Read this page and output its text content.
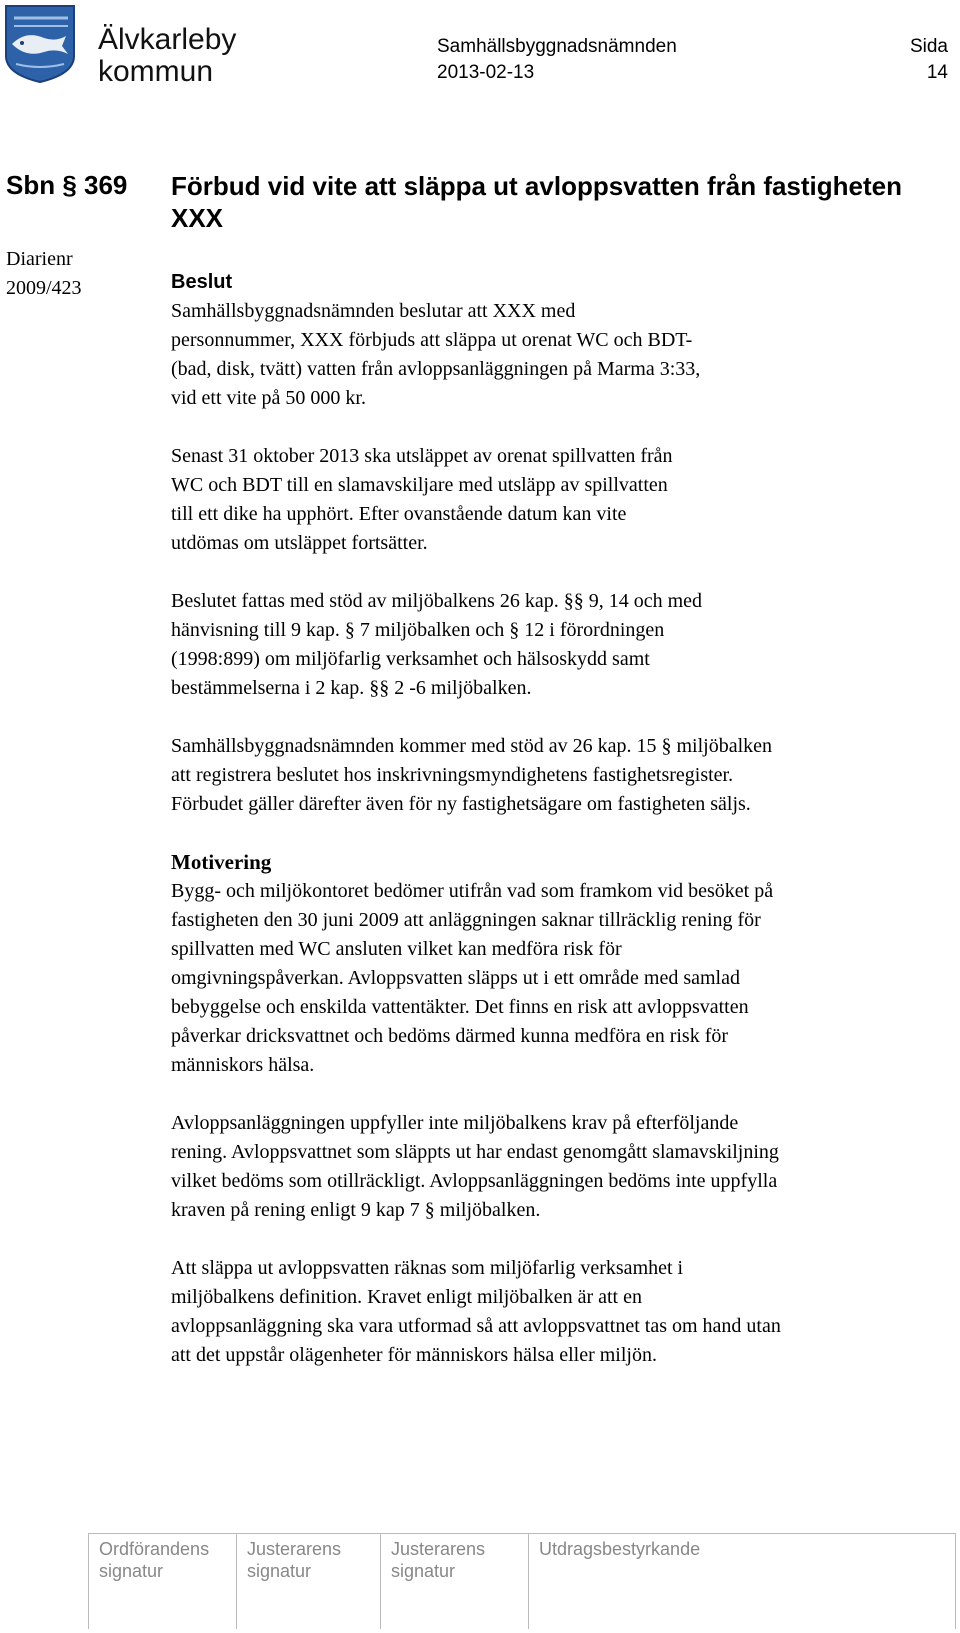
Älvkarleby
kommun
Samhällsbyggnadsnämnden
2013-02-13
Sida
14
Sbn § 369
Diarienr
2009/423
Förbud vid vite att släppa ut avloppsvatten från fastigheten XXX
Beslut

Samhällsbyggnadsnämnden beslutar att XXX med
personnummer, XXX förbjuds att släppa ut orenat WC och BDT-
(bad, disk, tvätt) vatten från avloppsanläggningen på Marma 3:33,
vid ett vite på 50 000 kr.

Senast 31 oktober 2013 ska utsläppet av orenat spillvatten från
WC och BDT till en slamavskiljare med utsläpp av spillvatten
till ett dike ha upphört. Efter ovanstående datum kan vite
utdömas om utsläppet fortsätter.

Beslutet fattas med stöd av miljöbalkens 26 kap. §§ 9, 14 och med
hänvisning till 9 kap. § 7 miljöbalken och § 12 i förordningen
(1998:899) om miljöfarlig verksamhet och hälsoskydd samt
bestämmelserna i 2 kap. §§ 2 -6 miljöbalken.

Samhällsbyggnadsnämnden kommer med stöd av 26 kap. 15 § miljöbalken
att registrera beslutet hos inskrivningsmyndighetens fastighetsregister.
Förbudet gäller därefter även för ny fastighetsägare om fastigheten säljs.

Motivering

Bygg- och miljökontoret bedömer utifrån vad som framkom vid besöket på
fastigheten den 30 juni 2009 att anläggningen saknar tillräcklig rening för
spillvatten med WC ansluten vilket kan medföra risk för
omgivningspåverkan. Avloppsvatten släpps ut i ett område med samlad
bebyggelse och enskilda vattentäkter. Det finns en risk att avloppsvatten
påverkar dricksvattnet och bedöms därmed kunna medföra en risk för
människors hälsa.

Avloppsanläggningen uppfyller inte miljöbalkens krav på efterföljande
rening. Avloppsvattnet som släppts ut har endast genomgått slamavskiljning
vilket bedöms som otillräckligt. Avloppsanläggningen bedöms inte uppfylla
kraven på rening enligt 9 kap 7 § miljöbalken.

Att släppa ut avloppsvatten räknas som miljöfarlig verksamhet i
miljöbalkens definition. Kravet enligt miljöbalken är att en
avloppsanläggning ska vara utformad så att avloppsvattnet tas om hand utan
att det uppstår olägenheter för människors hälsa eller miljön.

Ordförandens
signatur
Justerarens
signatur
Justerarens
signatur
Utdragsbestyrkande
